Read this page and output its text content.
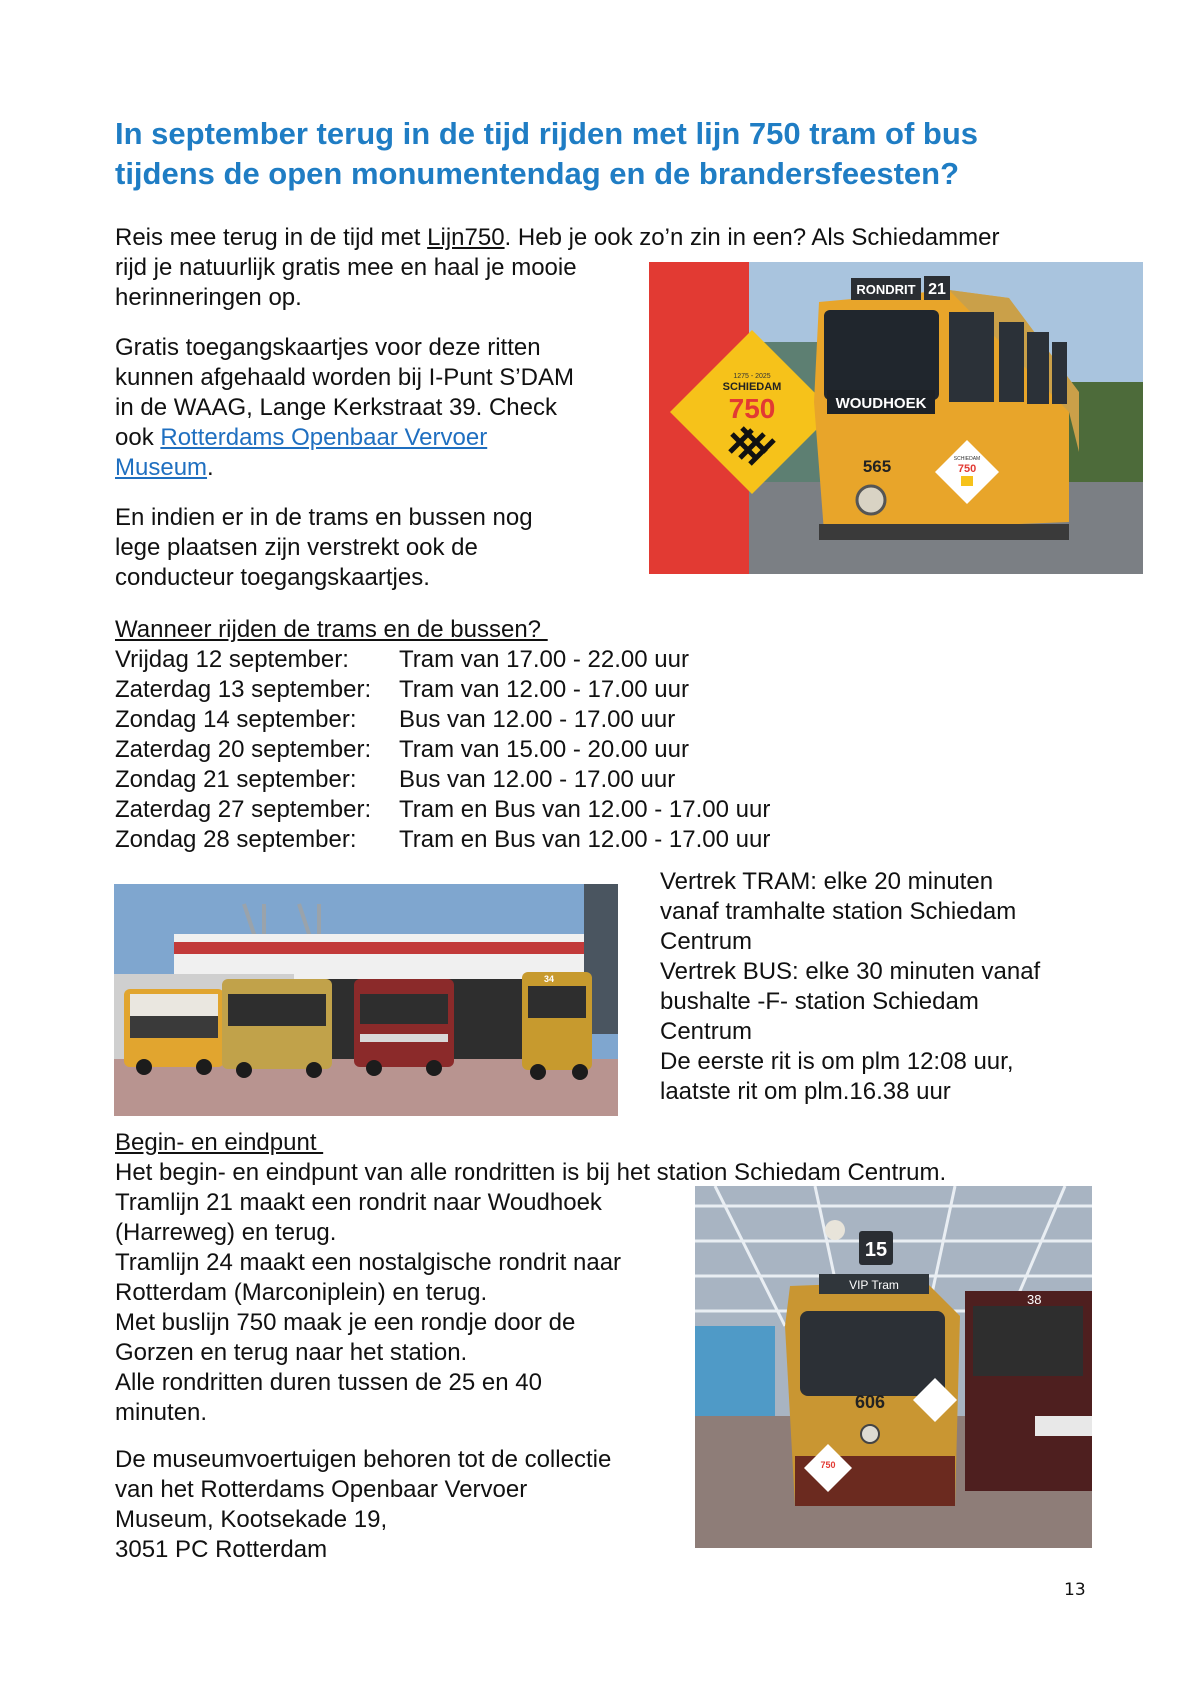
In september terug in de tijd rijden met lijn 750 tram of bus
tijdens de open monumentendag en de brandersfeesten?

Reis mee terug in de tijd met Lijn750. Heb je ook zo’n zin in een? Als Schiedammer

rijd je natuurlijk gratis mee en haal je mooie

herinneringen op.

Gratis toegangskaartjes voor deze ritten

kunnen afgehaald worden bij I-Punt S’DAM

in de WAAG, Lange Kerkstraat 39. Check

ook Rotterdams Openbaar Vervoer

Museum.

En indien er in de trams en bussen nog

lege plaatsen zijn verstrekt ook de

conducteur toegangskaartjes.

1275 - 2025
SCHIEDAM
750
RONDRIT 21
WOUDHOEK
565	SCHIEDAM
750

Wanneer rijden de trams en de bussen?

Vrijdag 12 september:	Tram van 17.00 - 22.00 uur
Zaterdag 13 september:	Tram van 12.00 - 17.00 uur
Zondag 14 september:	Bus van 12.00 - 17.00 uur
Zaterdag 20 september:	Tram van 15.00 - 20.00 uur
Zondag 21 september:	Bus van 12.00 - 17.00 uur
Zaterdag 27 september:	Tram en Bus van 12.00 - 17.00 uur
Zondag 28 september:	Tram en Bus van 12.00 - 17.00 uur
34

Vertrek TRAM: elke 20 minuten

vanaf tramhalte station Schiedam

Centrum

Vertrek BUS: elke 30 minuten vanaf

bushalte -F- station Schiedam

Centrum

De eerste rit is om plm 12:08 uur,

laatste rit om plm.16.38 uur

Begin- en eindpunt

Het begin- en eindpunt van alle rondritten is bij het station Schiedam Centrum.

Tramlijn 21 maakt een rondrit naar Woudhoek

(Harreweg) en terug.

Tramlijn 24 maakt een nostalgische rondrit naar

Rotterdam (Marconiplein) en terug.

Met buslijn 750 maak je een rondje door de

Gorzen en terug naar het station.

Alle rondritten duren tussen de 25 en 40

minuten.

15
VIP Tram
606
750
38

De museumvoertuigen behoren tot de collectie

van het Rotterdams Openbaar Vervoer

Museum, Kootsekade 19,

3051 PC Rotterdam

13
